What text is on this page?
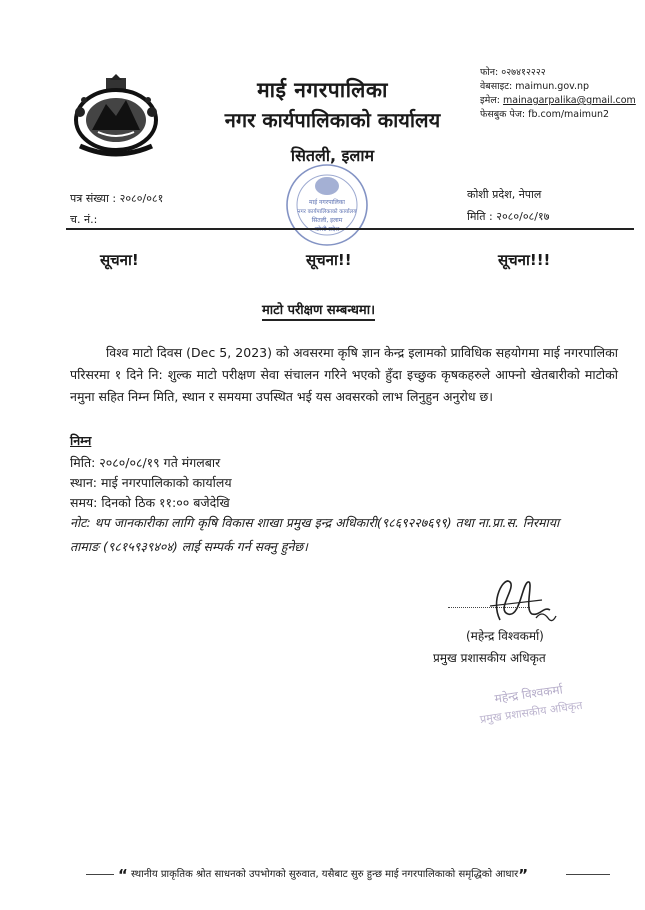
माई नगरपालिका
नगर कार्यपालिकाको कार्यालय
सितली, इलाम
फोन: ०२७४१२२२२
वेबसाइट: maimun.gov.np
इमेल: mainagarpalika@gmail.com
फेसबुक पेज: fb.com/maimun2
पत्र संख्या : २०८०/०८१
च. नं.:
कोशी प्रदेश, नेपाल
मिति : २०८०/०८/१७
माई नगरपालिका
नगर कार्यपालिकाको कार्यालय
सितली, इलाम
सूचना!	सूचना!!	सूचना!!!
माटो परीक्षण सम्बन्धमा।
विश्व माटो दिवस (Dec 5, 2023) को अवसरमा कृषि ज्ञान केन्द्र इलामको प्राविधिक सहयोगमा माई नगरपालिका परिसरमा १ दिने नि: शुल्क माटो परीक्षण सेवा संचालन गरिने भएको हुँदा इच्छुक कृषकहरुले आफ्नो खेतबारीको माटोको नमुना सहित निम्न मिति, स्थान र समयमा उपस्थित भई यस अवसरको लाभ लिनुहुन अनुरोध छ।
निम्न
मिति: २०८०/०८/१९ गते मंगलबार
स्थान: माई नगरपालिकाको कार्यालय
समय: दिनको ठिक ११:०० बजेदेखि
नोट: थप जानकारीका लागि कृषि विकास शाखा प्रमुख इन्द्र अधिकारी(९८६९२२७६९९) तथा ना.प्रा.स. निरमाया
तामाङ (९८१५९३९४०४) लाई सम्पर्क गर्न सक्नु हुनेछ।
(महेन्द्र विश्वकर्मा)
प्रमुख प्रशासकीय अधिकृत
महेन्द्र विश्वकर्मा
प्रमुख प्रशासकीय अधिकृत
“ स्थानीय प्राकृतिक श्रोत साधनको उपभोगको सुरुवात, यसैबाट सुरु हुन्छ माई नगरपालिकाको समृद्धिको आधार”
